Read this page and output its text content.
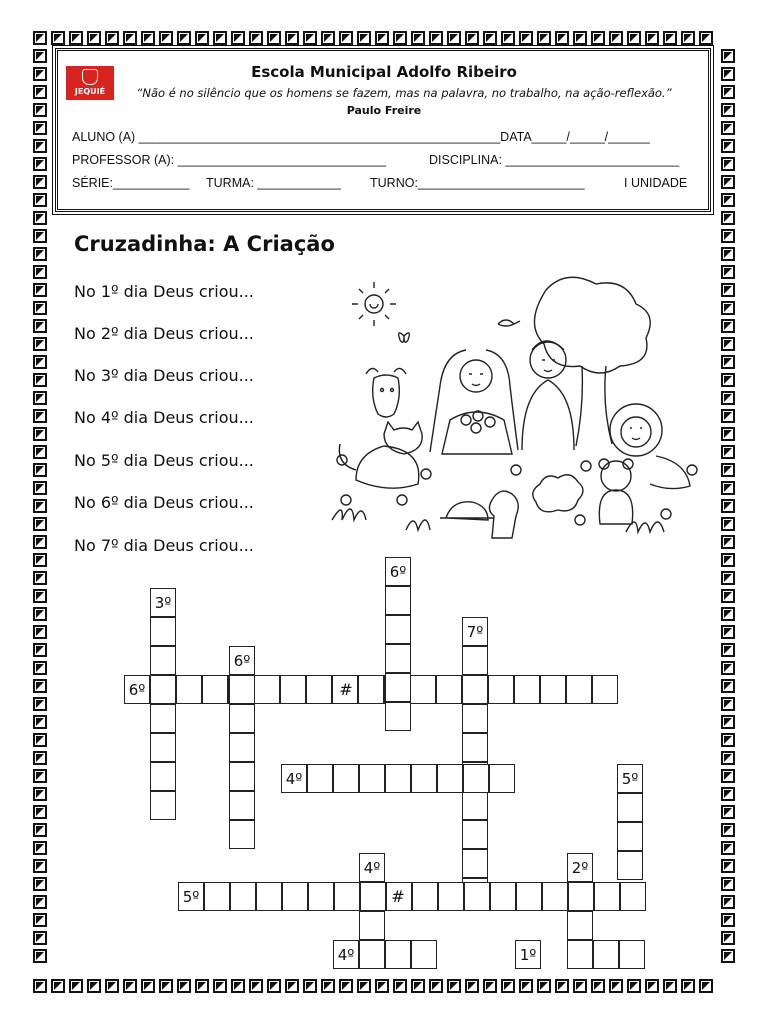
JEQUIÉ
Escola Municipal Adolfo Ribeiro
“Não é no silêncio que os homens se fazem, mas na palavra, no trabalho, na ação-reflexão.”
Paulo Freire
ALUNO (A) ____________________________________________________DATA_____/_____/______
PROFESSOR (A): ______________________________	DISCIPLINA: _________________________
SÉRIE:___________ TURMA: ____________ TURNO:________________________	I UNIDADE
Cruzadinha: A Criação
No 1º dia Deus criou...
No 2º dia Deus criou...
No 3º dia Deus criou...
No 4º dia Deus criou...
No 5º dia Deus criou...
No 6º dia Deus criou...
No 7º dia Deus criou...
6º
3º
6º
6º
7º
4º	5º
5º
4º	2º
4º	1º
#
#
